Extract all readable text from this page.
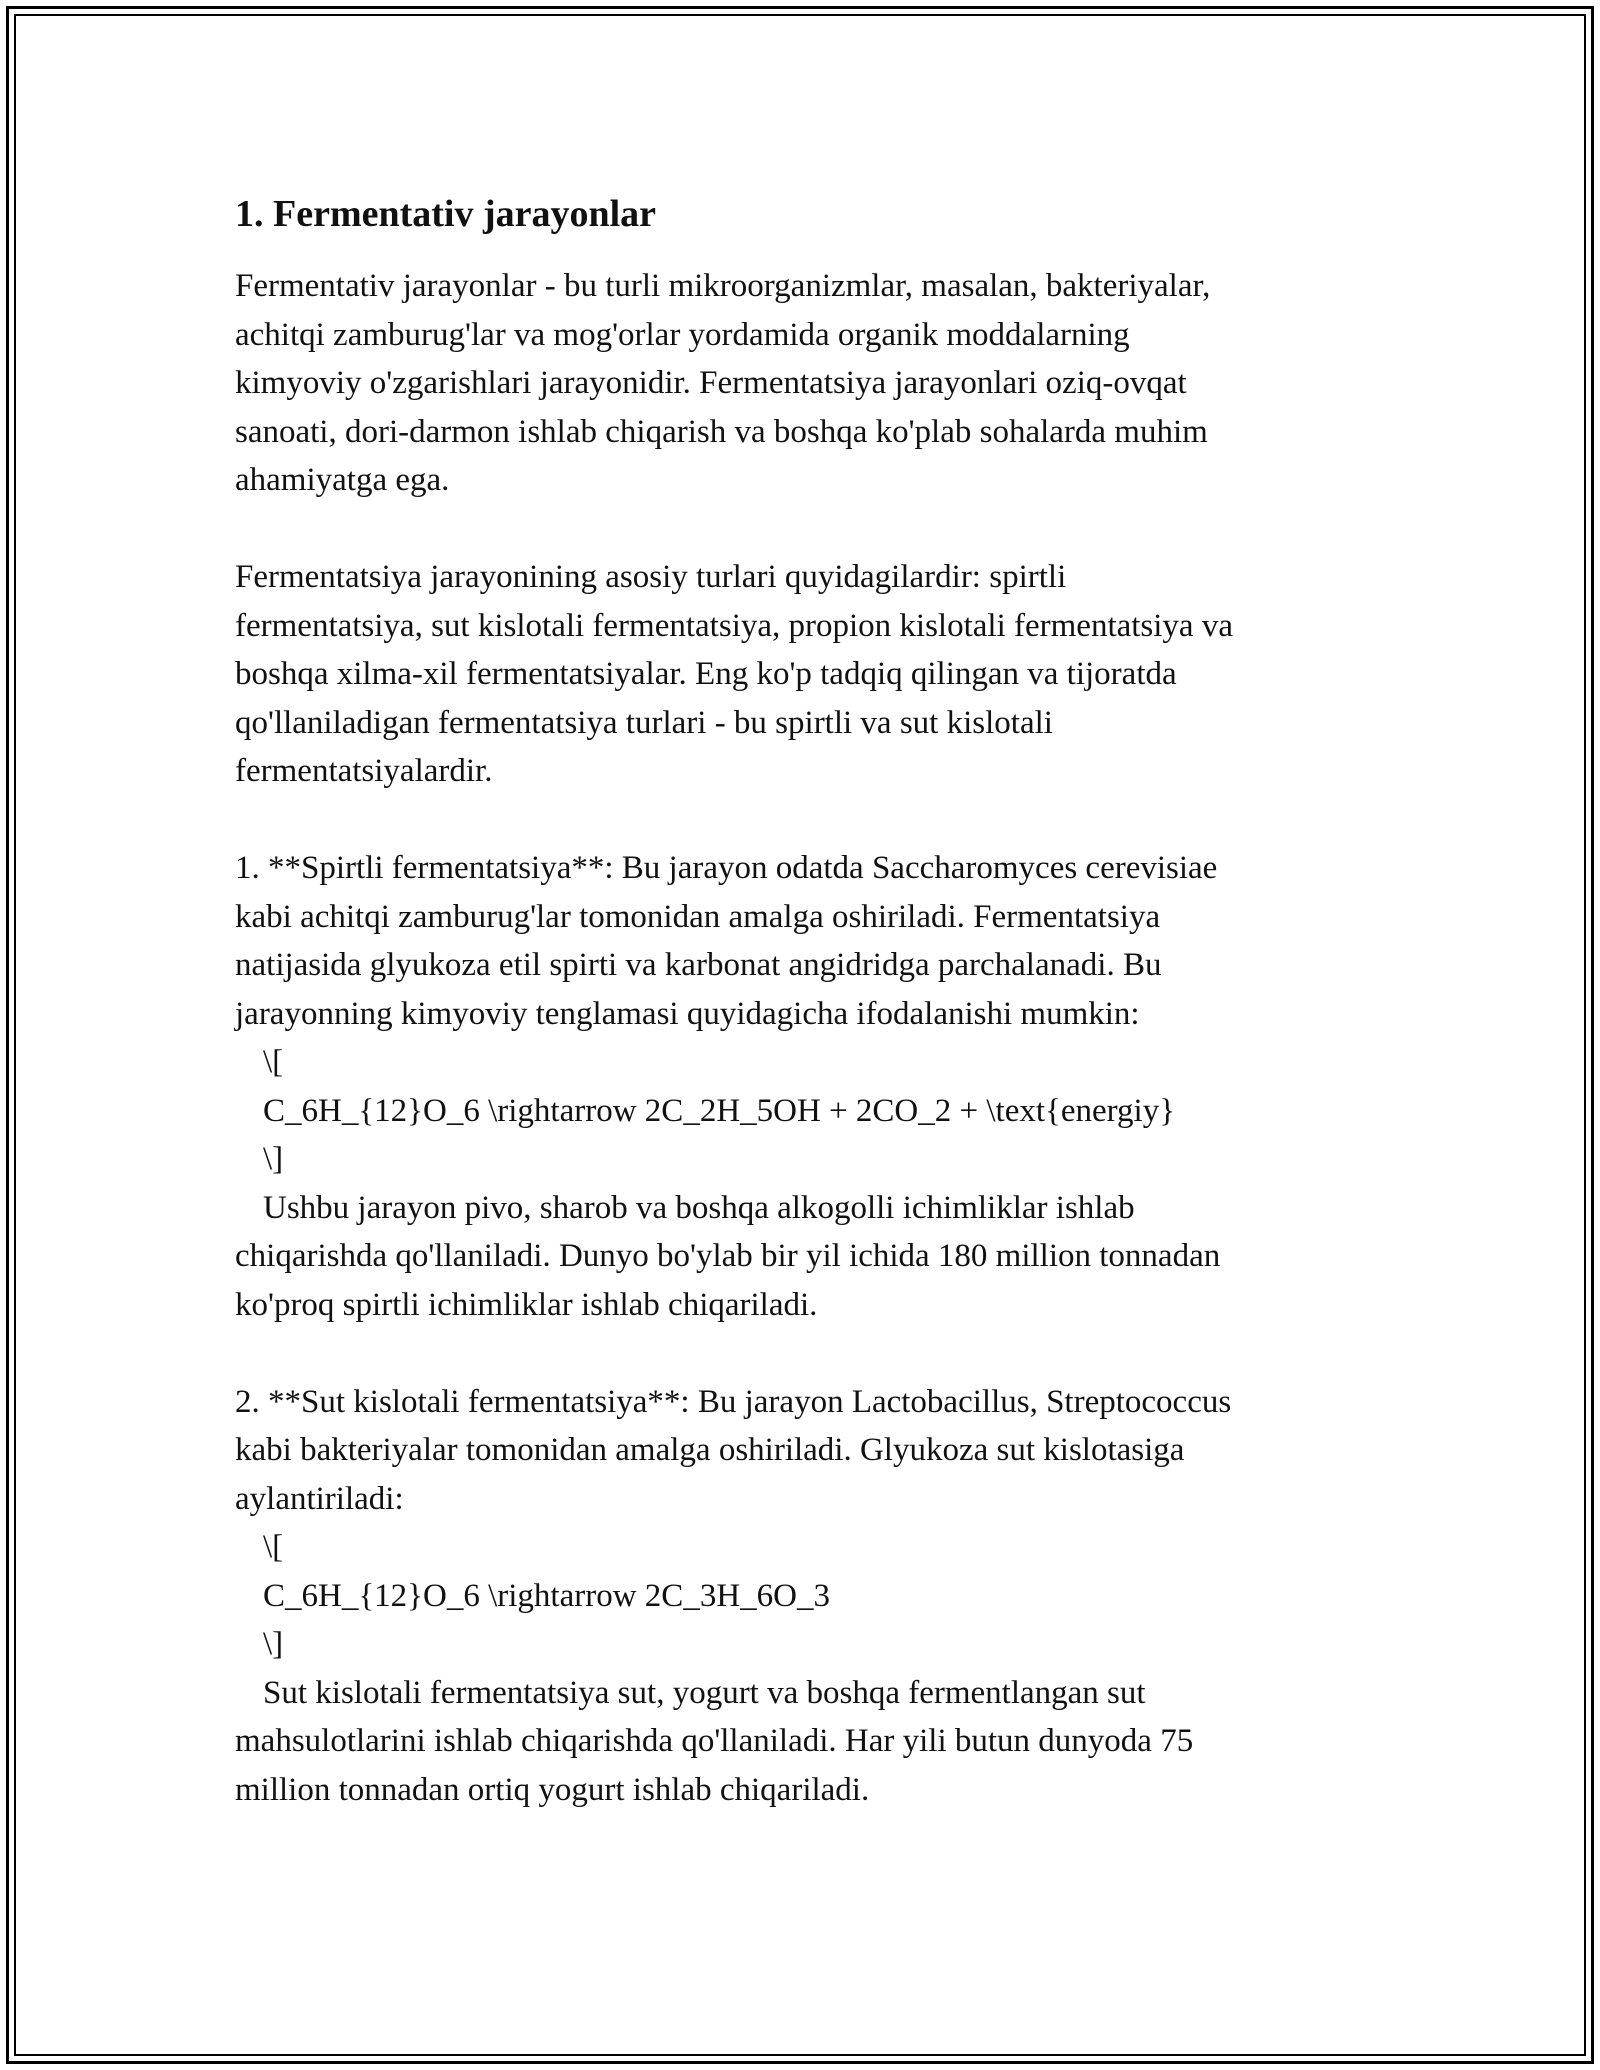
1. Fermentativ jarayonlar
Fermentativ jarayonlar - bu turli mikroorganizmlar, masalan, bakteriyalar,
achitqi zamburug'lar va mog'orlar yordamida organik moddalarning
kimyoviy o'zgarishlari jarayonidir. Fermentatsiya jarayonlari oziq-ovqat
sanoati, dori-darmon ishlab chiqarish va boshqa ko'plab sohalarda muhim
ahamiyatga ega.
Fermentatsiya jarayonining asosiy turlari quyidagilardir: spirtli
fermentatsiya, sut kislotali fermentatsiya, propion kislotali fermentatsiya va
boshqa xilma-xil fermentatsiyalar. Eng ko'p tadqiq qilingan va tijoratda
qo'llaniladigan fermentatsiya turlari - bu spirtli va sut kislotali
fermentatsiyalardir.
1. **Spirtli fermentatsiya**: Bu jarayon odatda Saccharomyces cerevisiae
kabi achitqi zamburug'lar tomonidan amalga oshiriladi. Fermentatsiya
natijasida glyukoza etil spirti va karbonat angidridga parchalanadi. Bu
jarayonning kimyoviy tenglamasi quyidagicha ifodalanishi mumkin:
\[
C_6H_{12}O_6 \rightarrow 2C_2H_5OH + 2CO_2 + \text{energiy}
\]
Ushbu jarayon pivo, sharob va boshqa alkogolli ichimliklar ishlab
chiqarishda qo'llaniladi. Dunyo bo'ylab bir yil ichida 180 million tonnadan
ko'proq spirtli ichimliklar ishlab chiqariladi.
2. **Sut kislotali fermentatsiya**: Bu jarayon Lactobacillus, Streptococcus
kabi bakteriyalar tomonidan amalga oshiriladi. Glyukoza sut kislotasiga
aylantiriladi:
\[
C_6H_{12}O_6 \rightarrow 2C_3H_6O_3
\]
Sut kislotali fermentatsiya sut, yogurt va boshqa fermentlangan sut
mahsulotlarini ishlab chiqarishda qo'llaniladi. Har yili butun dunyoda 75
million tonnadan ortiq yogurt ishlab chiqariladi.
